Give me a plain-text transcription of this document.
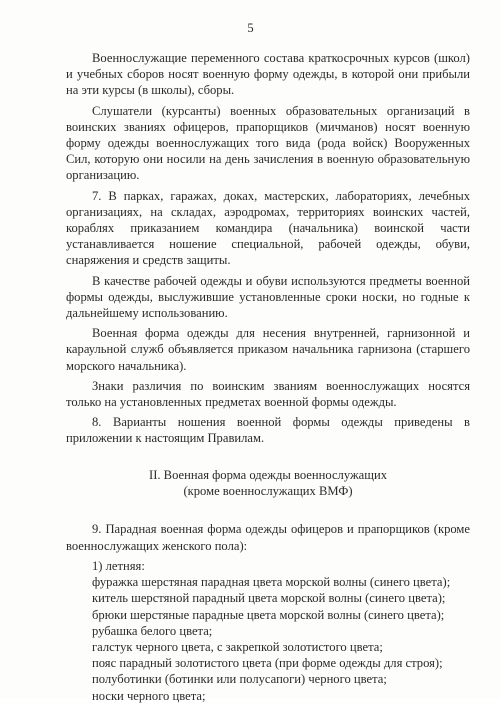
5

Военнослужащие переменного состава краткосрочных курсов (школ) и учебных сборов носят военную форму одежды, в которой они прибыли на эти курсы (в школы), сборы.

Слушатели (курсанты) военных образовательных организаций в воинских званиях офицеров, прапорщиков (мичманов) носят военную форму одежды военнослужащих того вида (рода войск) Вооруженных Сил, которую они носили на день зачисления в военную образовательную организацию.

7. В парках, гаражах, доках, мастерских, лабораториях, лечебных организациях, на складах, аэродромах, территориях воинских частей, кораблях приказанием командира (начальника) воинской части устанавливается ношение специальной, рабочей одежды, обуви, снаряжения и средств защиты.

В качестве рабочей одежды и обуви используются предметы военной формы одежды, выслужившие установленные сроки носки, но годные к дальнейшему использованию.

Военная форма одежды для несения внутренней, гарнизонной и караульной служб объявляется приказом начальника гарнизона (старшего морского начальника).

Знаки различия по воинским званиям военнослужащих носятся только на установленных предметах военной формы одежды.

8. Варианты ношения военной формы одежды приведены в приложении к настоящим Правилам.

II. Военная форма одежды военнослужащих
(кроме военнослужащих ВМФ)

9. Парадная военная форма одежды офицеров и прапорщиков (кроме военнослужащих женского пола):

1) летняя:

фуражка шерстяная парадная цвета морской волны (синего цвета);

китель шерстяной парадный цвета морской волны (синего цвета);

брюки шерстяные парадные цвета морской волны (синего цвета);

рубашка белого цвета;

галстук черного цвета, с закрепкой золотистого цвета;

пояс парадный золотистого цвета (при форме одежды для строя);

полуботинки (ботинки или полусапоги) черного цвета;

носки черного цвета;
